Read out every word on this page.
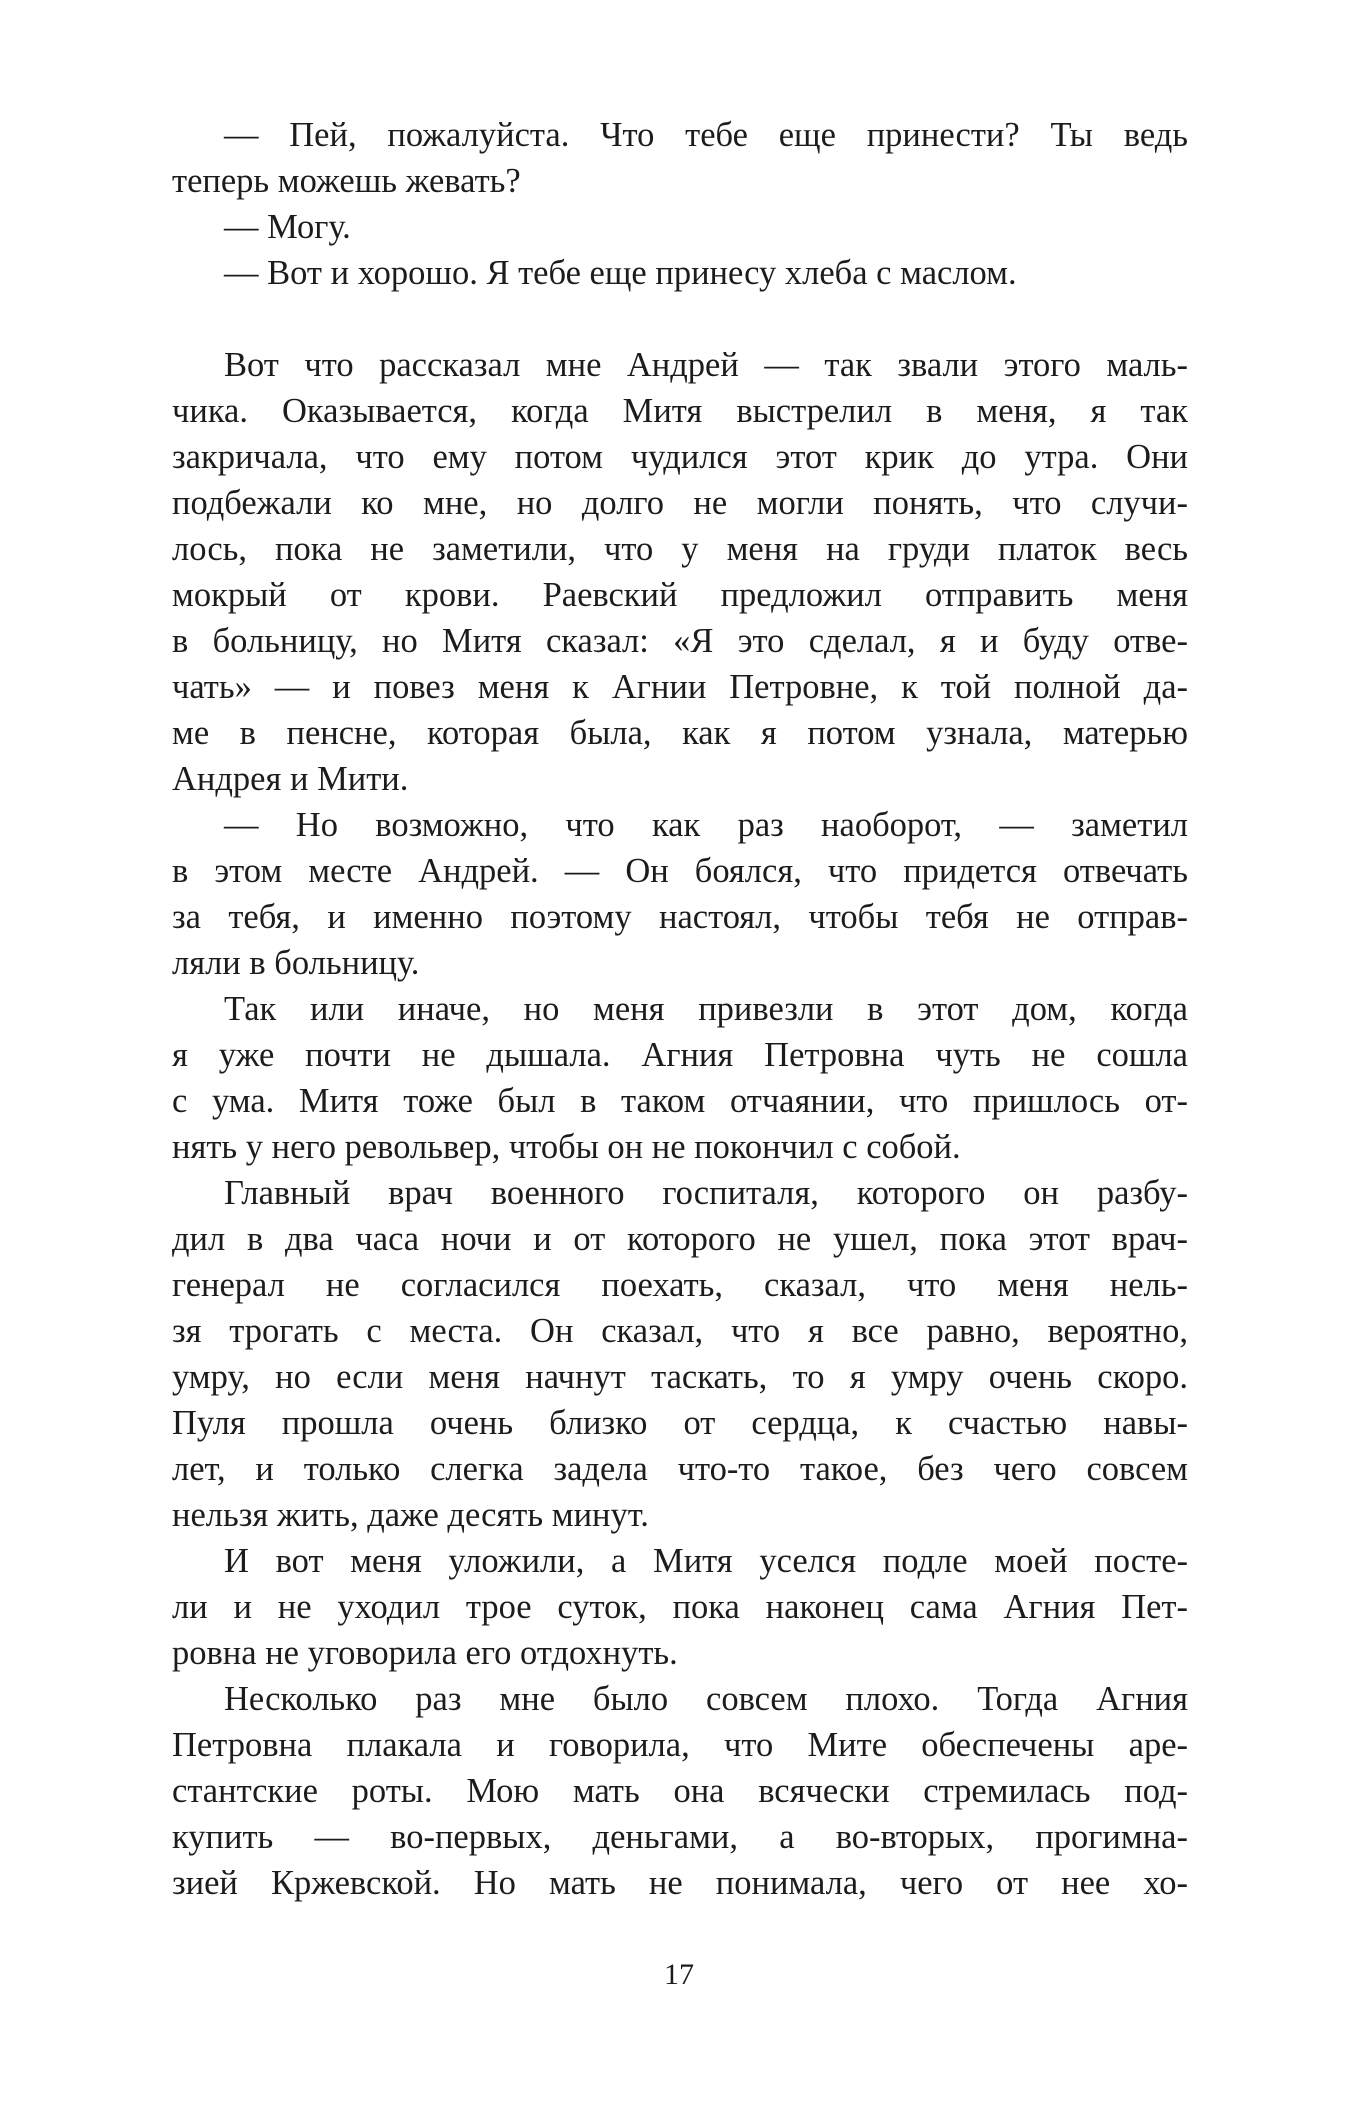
— Пей, пожалуйста. Что тебе еще принести? Ты ведь
теперь можешь жевать?
— Могу.
— Вот и хорошо. Я тебе еще принесу хлеба с маслом.
Вот что рассказал мне Андрей — так звали этого маль-
чика. Оказывается, когда Митя выстрелил в меня, я так
закричала, что ему потом чудился этот крик до утра. Они
подбежали ко мне, но долго не могли понять, что случи-
лось, пока не заметили, что у меня на груди платок весь
мокрый от крови. Раевский предложил отправить меня
в больницу, но Митя сказал: «Я это сделал, я и буду отве-
чать» — и повез меня к Агнии Петровне, к той полной да-
ме в пенсне, которая была, как я потом узнала, матерью
Андрея и Мити.
— Но возможно, что как раз наоборот, — заметил
в этом месте Андрей. — Он боялся, что придется отвечать
за тебя, и именно поэтому настоял, чтобы тебя не отправ-
ляли в больницу.
Так или иначе, но меня привезли в этот дом, когда
я уже почти не дышала. Агния Петровна чуть не сошла
с ума. Митя тоже был в таком отчаянии, что пришлось от-
нять у него револьвер, чтобы он не покончил с собой.
Главный врач военного госпиталя, которого он разбу-
дил в два часа ночи и от которого не ушел, пока этот врач-
генерал не согласился поехать, сказал, что меня нель-
зя трогать с места. Он сказал, что я все равно, вероятно,
умру, но если меня начнут таскать, то я умру очень скоро.
Пуля прошла очень близко от сердца, к счастью навы-
лет, и только слегка задела что-то такое, без чего совсем
нельзя жить, даже десять минут.
И вот меня уложили, а Митя уселся подле моей посте-
ли и не уходил трое суток, пока наконец сама Агния Пет-
ровна не уговорила его отдохнуть.
Несколько раз мне было совсем плохо. Тогда Агния
Петровна плакала и говорила, что Мите обеспечены аре-
стантские роты. Мою мать она всячески стремилась под-
купить — во-первых, деньгами, а во-вторых, прогимна-
зией Кржевской. Но мать не понимала, чего от нее хо-
17
